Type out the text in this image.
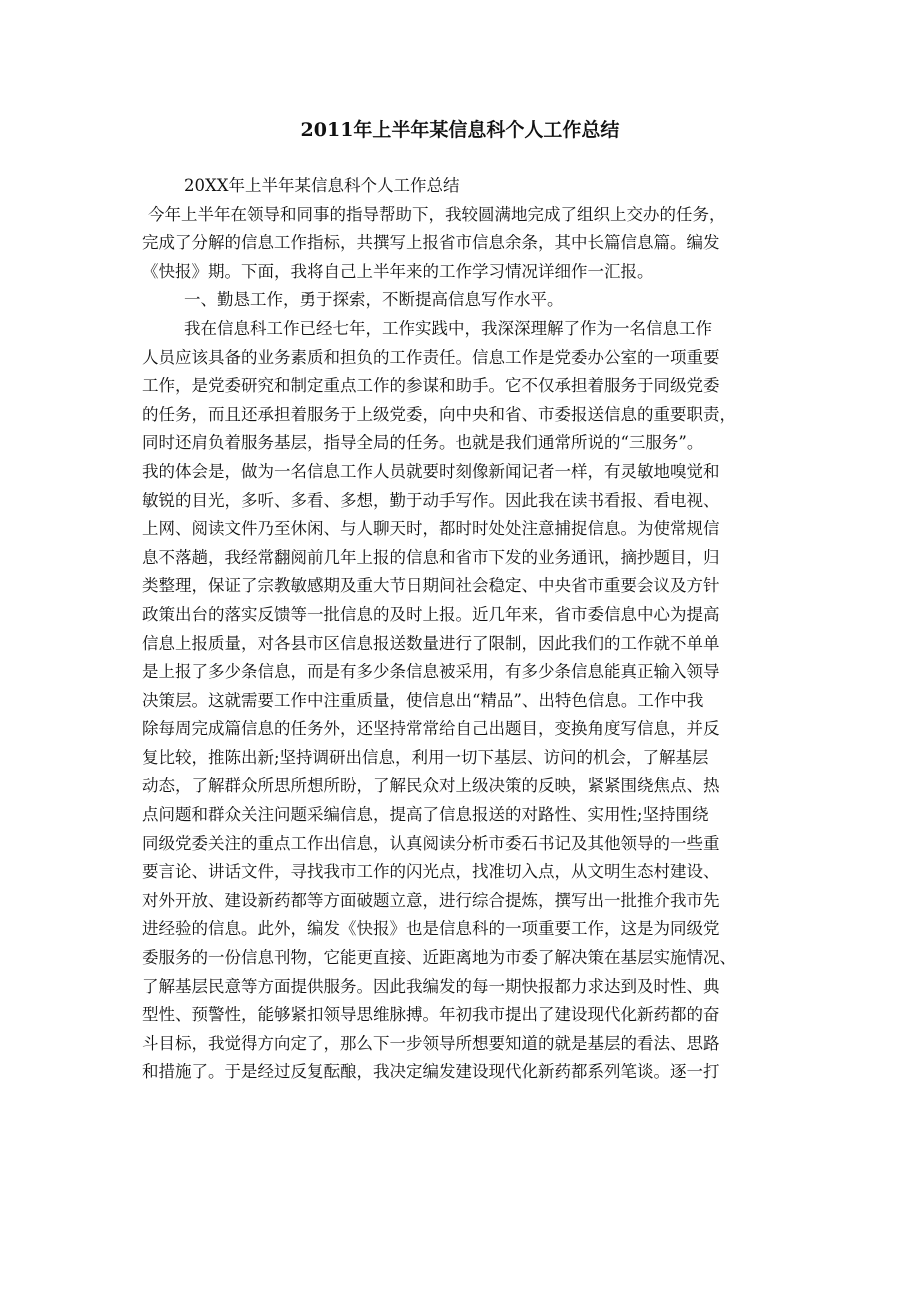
2011年上半年某信息科个人工作总结
20XX年上半年某信息科个人工作总结
今年上半年在领导和同事的指导帮助下，我较圆满地完成了组织上交办的任务，
完成了分解的信息工作指标，共撰写上报省市信息余条，其中长篇信息篇。编发
《快报》期。下面，我将自己上半年来的工作学习情况详细作一汇报。
一、勤恳工作，勇于探索，不断提高信息写作水平。
我在信息科工作已经七年，工作实践中，我深深理解了作为一名信息工作
人员应该具备的业务素质和担负的工作责任。信息工作是党委办公室的一项重要
工作，是党委研究和制定重点工作的参谋和助手。它不仅承担着服务于同级党委
的任务，而且还承担着服务于上级党委，向中央和省、市委报送信息的重要职责，
同时还肩负着服务基层，指导全局的任务。也就是我们通常所说的“三服务”。
我的体会是，做为一名信息工作人员就要时刻像新闻记者一样，有灵敏地嗅觉和
敏锐的目光，多听、多看、多想，勤于动手写作。因此我在读书看报、看电视、
上网、阅读文件乃至休闲、与人聊天时，都时时处处注意捕捉信息。为使常规信
息不落趟，我经常翻阅前几年上报的信息和省市下发的业务通讯，摘抄题目，归
类整理，保证了宗教敏感期及重大节日期间社会稳定、中央省市重要会议及方针
政策出台的落实反馈等一批信息的及时上报。近几年来，省市委信息中心为提高
信息上报质量，对各县市区信息报送数量进行了限制，因此我们的工作就不单单
是上报了多少条信息，而是有多少条信息被采用，有多少条信息能真正输入领导
决策层。这就需要工作中注重质量，使信息出“精品”、出特色信息。工作中我
除每周完成篇信息的任务外，还坚持常常给自己出题目，变换角度写信息，并反
复比较，推陈出新;坚持调研出信息，利用一切下基层、访问的机会，了解基层
动态，了解群众所思所想所盼，了解民众对上级决策的反映，紧紧围绕焦点、热
点问题和群众关注问题采编信息，提高了信息报送的对路性、实用性;坚持围绕
同级党委关注的重点工作出信息，认真阅读分析市委石书记及其他领导的一些重
要言论、讲话文件，寻找我市工作的闪光点，找准切入点，从文明生态村建设、
对外开放、建设新药都等方面破题立意，进行综合提炼，撰写出一批推介我市先
进经验的信息。此外，编发《快报》也是信息科的一项重要工作，这是为同级党
委服务的一份信息刊物，它能更直接、近距离地为市委了解决策在基层实施情况、
了解基层民意等方面提供服务。因此我编发的每一期快报都力求达到及时性、典
型性、预警性，能够紧扣领导思维脉搏。年初我市提出了建设现代化新药都的奋
斗目标，我觉得方向定了，那么下一步领导所想要知道的就是基层的看法、思路
和措施了。于是经过反复酝酿，我决定编发建设现代化新药都系列笔谈。逐一打
